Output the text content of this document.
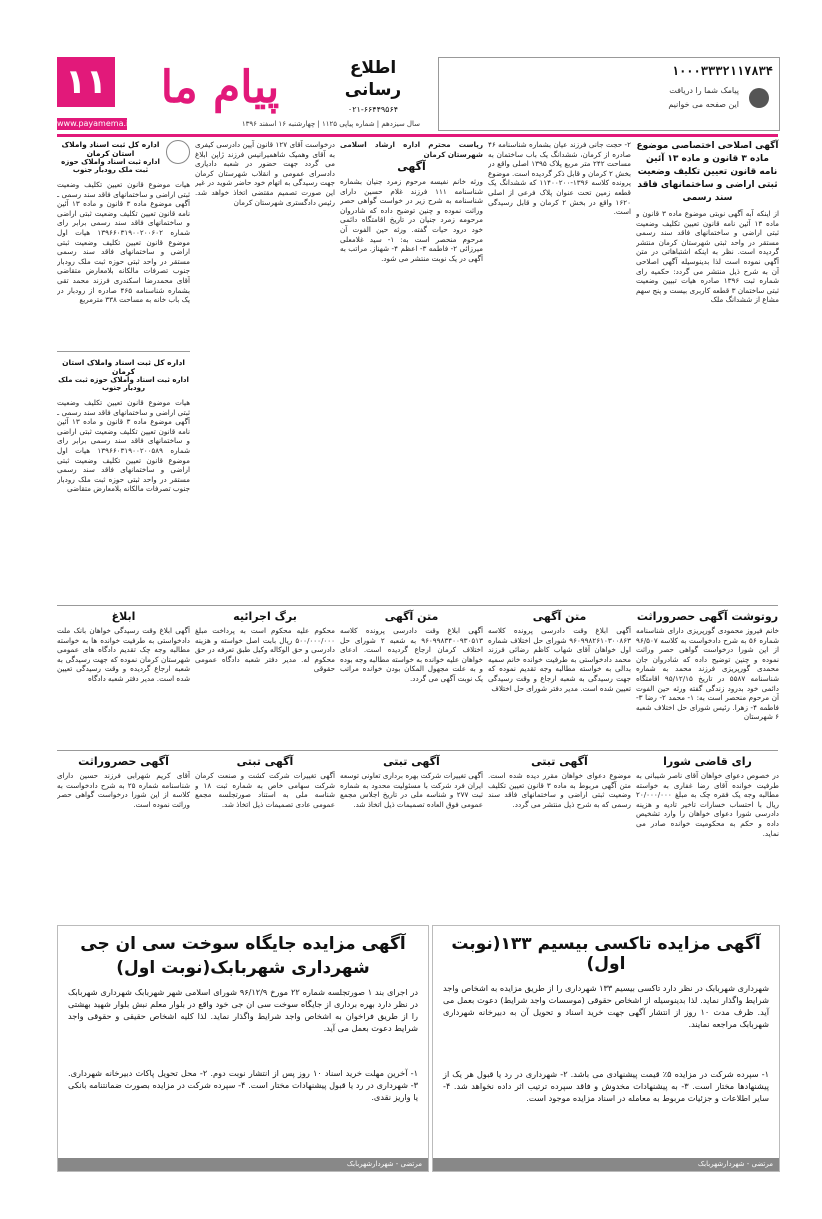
۱۱
www.payamema.ir
پیام ما
سال سیزدهم | شماره پیاپی ۱۱۲۵ | چهارشنبه ۱۶ اسفند ۱۳۹۶
اطلاع رسانی
۰۲۱-۶۶۴۴۹۵۶۴
۱۰۰۰۳۳۳۲۱۱۷۸۳۴
پیامک شما را دریافت
این صفحه می خوانیم
آگهی اصلاحی اختصاصی موضوع ماده ۳ قانون و ماده ۱۳ آئین نامه قانون تعیین تکلیف وضعیت ثبتی اراضی و ساختمانهای فاقد سند رسمی
از اینکه آبه آگهی نوبتی موضوع ماده ۳ قانون و ماده ۱۳ آئین نامه قانون تعیین تکلیف وضعیت ثبتی اراضی و ساختمانهای فاقد سند رسمی مستقر در واحد ثبتی شهرستان کرمان منتشر گردیده است. نظر به اینکه اشتباهاتی در متن آگهی نموده است لذا بدینوسیله آگهی اصلاحی آن به شرح ذیل منتشر می گردد: حکمیه رای شماره ثبت ۱۳۹۶ صادره هیات تبیین وضعیت ثبتی ساختمان ۳ قطعه کاربری بیست و پنج سهم مشاع از ششدانگ ملک
۲- حجت جانی فرزند عیان بشماره شناسنامه ۴۶ صادره از کرمان، ششدانگ یک باب ساختمان به مساحت ۲۴۲ متر مربع پلاک ۱۳۹۵ اصلی واقع در بخش ۲ کرمان و قابل ذکر گردیده است. موضوع پرونده کلاسه ۱۳۹۶-۱۱۴۰۰۲۰۰ که ششدانگ یک قطعه زمین تحت عنوان پلاک فرعی از اصلی ۱۶۲۰ واقع در بخش ۲ کرمان و قابل رسیدگی است.
ریاست محترم اداره ارشاد اسلامی شهرستان کرمان
آگهی
ورثه خانم نفیسه مرحوم زمرد جنیان بشماره شناسنامه ۱۱۱ فرزند غلام حسین دارای شناسنامه به شرح زیر در خواست گواهی حصر وراثت نموده و چنین توضیح داده که شادروان مرحومه زمرد جنیان در تاریخ اقامتگاه دائمی خود درود حیات گفته. ورثه حین الفوت آن مرحوم منحصر است به: ۱- سید غلامعلی میرزائی ۲- فاطمه ۳- اعظم ۴- شهناز. مراتب به آگهی در یک نوبت منتشر می شود.
درخواست آقای ۱۲۷ قانون آیین دادرسی کیفری به آقای وهمیک شاهمیرانیس فرزند ژاپن ابلاغ می گردد جهت حضور در شعبه دادیاری دادسرای عمومی و انقلاب شهرستان کرمان جهت رسیدگی به اتهام خود حاضر شوید در غیر این صورت تصمیم مقتضی اتخاذ خواهد شد. رئیس دادگستری شهرستان کرمان
اداره کل ثبت اسناد واملاک استان کرمان
اداره ثبت اسناد واملاک حوزه ثبت ملک رودبار جنوب
هیات موضوع قانون تعیین تکلیف وضعیت ثبتی اراضی و ساختمانهای فاقد سند رسمی ـ آگهی موضوع ماده ۳ قانون و ماده ۱۳ آئین نامه قانون تعیین تکلیف وضعیت ثبتی اراضی و ساختمانهای فاقد سند رسمی برابر رای شماره ۱۳۹۶۶۰۳۱۹۰۰۲۰۰۶۰۲ هیات اول موضوع قانون تعیین تکلیف وضعیت ثبتی اراضی و ساختمانهای فاقد سند رسمی مستقر در واحد ثبتی حوزه ثبت ملک رودبار جنوب تصرفات مالکانه بلامعارض متقاضی آقای محمدرضا اسکندری فرزند محمد تقی بشماره شناسنامه ۴۶۵ صادره از رودبار در یک باب خانه به مساحت ۳۳۸ مترمربع
اداره کل ثبت اسناد واملاک استان کرمان
اداره ثبت اسناد واملاک حوزه ثبت ملک رودبار جنوب
هیات موضوع قانون تعیین تکلیف وضعیت ثبتی اراضی و ساختمانهای فاقد سند رسمی ـ آگهی موضوع ماده ۳ قانون و ماده ۱۳ آئین نامه قانون تعیین تکلیف وضعیت ثبتی اراضی و ساختمانهای فاقد سند رسمی برابر رای شماره ۱۳۹۶۶۰۳۱۹۰۰۲۰۰۵۸۹ هیات اول موضوع قانون تعیین تکلیف وضعیت ثبتی اراضی و ساختمانهای فاقد سند رسمی مستقر در واحد ثبتی حوزه ثبت ملک رودبار جنوب تصرفات مالکانه بلامعارض متقاضی
روتوشت آگهی حصروراثت
خانم فیروز محمودی گورپریزی دارای شناسنامه شماره ۵۶ به شرح دادخواست به کلاسه ۹۶/۵۰۷ از این شورا درخواست گواهی حصر وراثت نموده و چنین توضیح داده که شادروان جان محمدی گورپریزی فرزند محمد به شماره شناسنامه ۵۵۸۷ در تاریخ ۹۵/۱۲/۱۵ اقامتگاه دائمی خود بدرود زندگی گفته ورثه حین الفوت آن مرحوم منحصر است به: ۱- محمد ۲- رضا ۳- فاطمه ۴- زهرا. رئیس شورای حل اختلاف شعبه ۶ شهرستان
متن آگهی
آگهی ابلاغ وقت دادرسی پرونده کلاسه ۹۶۰۹۹۸۲۶۱۰۳۰۰۸۶۳ شورای حل اختلاف شماره اول خواهان آقای شهاب کاظم رضائی فرزند محمد دادخواستی به طرفیت خوانده خانم سمیه بدالی به خواسته مطالبه وجه تقدیم نموده که جهت رسیدگی به شعبه ارجاع و وقت رسیدگی تعیین شده است. مدیر دفتر شورای حل اختلاف
متن آگهی
آگهی ابلاغ وقت دادرسی پرونده کلاسه ۹۶۰۹۹۸۳۴۰۰۹۳۰۵۱۳ به شعبه ۲ شورای حل اختلاف کرمان ارجاع گردیده است. ادعای خواهان علیه خوانده به خواسته مطالبه وجه بوده و به علت مجهول المکان بودن خوانده مراتب یک نوبت آگهی می گردد.
برگ اجرائیه
محکوم علیه محکوم است به پرداخت مبلغ ۵۰۰/۰۰۰/۰۰۰ ریال بابت اصل خواسته و هزینه دادرسی و حق الوکاله وکیل طبق تعرفه در حق محکوم له. مدیر دفتر شعبه دادگاه عمومی حقوقی
ابلاغ
آگهی ابلاغ وقت رسیدگی خواهان بانک ملت دادخواستی به طرفیت خوانده ها به خواسته مطالبه وجه چک تقدیم دادگاه های عمومی شهرستان کرمان نموده که جهت رسیدگی به شعبه ارجاع گردیده و وقت رسیدگی تعیین شده است. مدیر دفتر شعبه دادگاه
رای قاضی شورا
در خصوص دعوای خواهان آقای ناصر شیبانی به طرفیت خوانده آقای رضا غفاری به خواسته مطالبه وجه یک فقره چک به مبلغ ۲۰/۰۰۰/۰۰۰ ریال با احتساب خسارات تاخیر تادیه و هزینه دادرسی شورا دعوای خواهان را وارد تشخیص داده و حکم به محکومیت خوانده صادر می نماید.
آگهی تبتی
موضوع دعوای خواهان مقرر دیده شده است. متن آگهی مربوط به ماده ۳ قانون تعیین تکلیف وضعیت ثبتی اراضی و ساختمانهای فاقد سند رسمی که به شرح ذیل منتشر می گردد.
آگهی تبتی
آگهی تغییرات شرکت بهره برداری تعاونی توسعه ایران فرد شرکت با مسئولیت محدود به شماره ثبت ۲۷۷ و شناسه ملی در تاریخ اجلاس مجمع عمومی فوق العاده تصمیمات ذیل اتخاذ شد.
آگهی تبتی
آگهی تغییرات شرکت کشت و صنعت کرمان شرکت سهامی خاص به شماره ثبت ۱۸ و شناسه ملی به استناد صورتجلسه مجمع عمومی عادی تصمیمات ذیل اتخاذ شد.
آگهی حصروراثت
آقای کریم شهرابی فرزند حسین دارای شناسنامه شماره ۲۵ به شرح دادخواست به کلاسه از این شورا درخواست گواهی حصر وراثت نموده است.
آگهی مزایده تاکسی بیسیم ۱۳۳(نوبت اول)
شهرداری شهربابک در نظر دارد تاکسی بیسیم ۱۳۳ شهرداری را از طریق مزایده به اشخاص واجد شرایط واگذار نماید. لذا بدینوسیله از اشخاص حقوقی (موسسات واجد شرایط) دعوت بعمل می آید. ظرف مدت ۱۰ روز از انتشار آگهی جهت خرید اسناد و تحویل آن به دبیرخانه شهرداری شهربابک مراجعه نمایند.
۱- سپرده شرکت در مزایده ۵٪ قیمت پیشنهادی می باشد. ۲- شهرداری در رد یا قبول هر یک از پیشنهادها مختار است. ۳- به پیشنهادات مخدوش و فاقد سپرده ترتیب اثر داده نخواهد شد. ۴- سایر اطلاعات و جزئیات مربوط به معامله در اسناد مزایده موجود است.
مرتضی - شهردارشهربابک
آگهی مزایده جایگاه سوخت سی ان جی شهرداری شهربابک(نوبت اول)
در اجرای بند ۱ صورتجلسه شماره ۲۲ مورخ ۹۶/۱۲/۹ شورای اسلامی شهر شهربابک شهرداری شهربابک در نظر دارد بهره برداری از جایگاه سوخت سی ان جی خود واقع در بلوار معلم نبش بلوار شهید بهشتی را از طریق فراخوان به اشخاص واجد شرایط واگذار نماید. لذا کلیه اشخاص حقیقی و حقوقی واجد شرایط دعوت بعمل می آید.
۱- آخرین مهلت خرید اسناد ۱۰ روز پس از انتشار نوبت دوم. ۲- محل تحویل پاکات دبیرخانه شهرداری. ۳- شهرداری در رد یا قبول پیشنهادات مختار است. ۴- سپرده شرکت در مزایده بصورت ضمانتنامه بانکی یا واریز نقدی.
مرتضی - شهردارشهربابک
